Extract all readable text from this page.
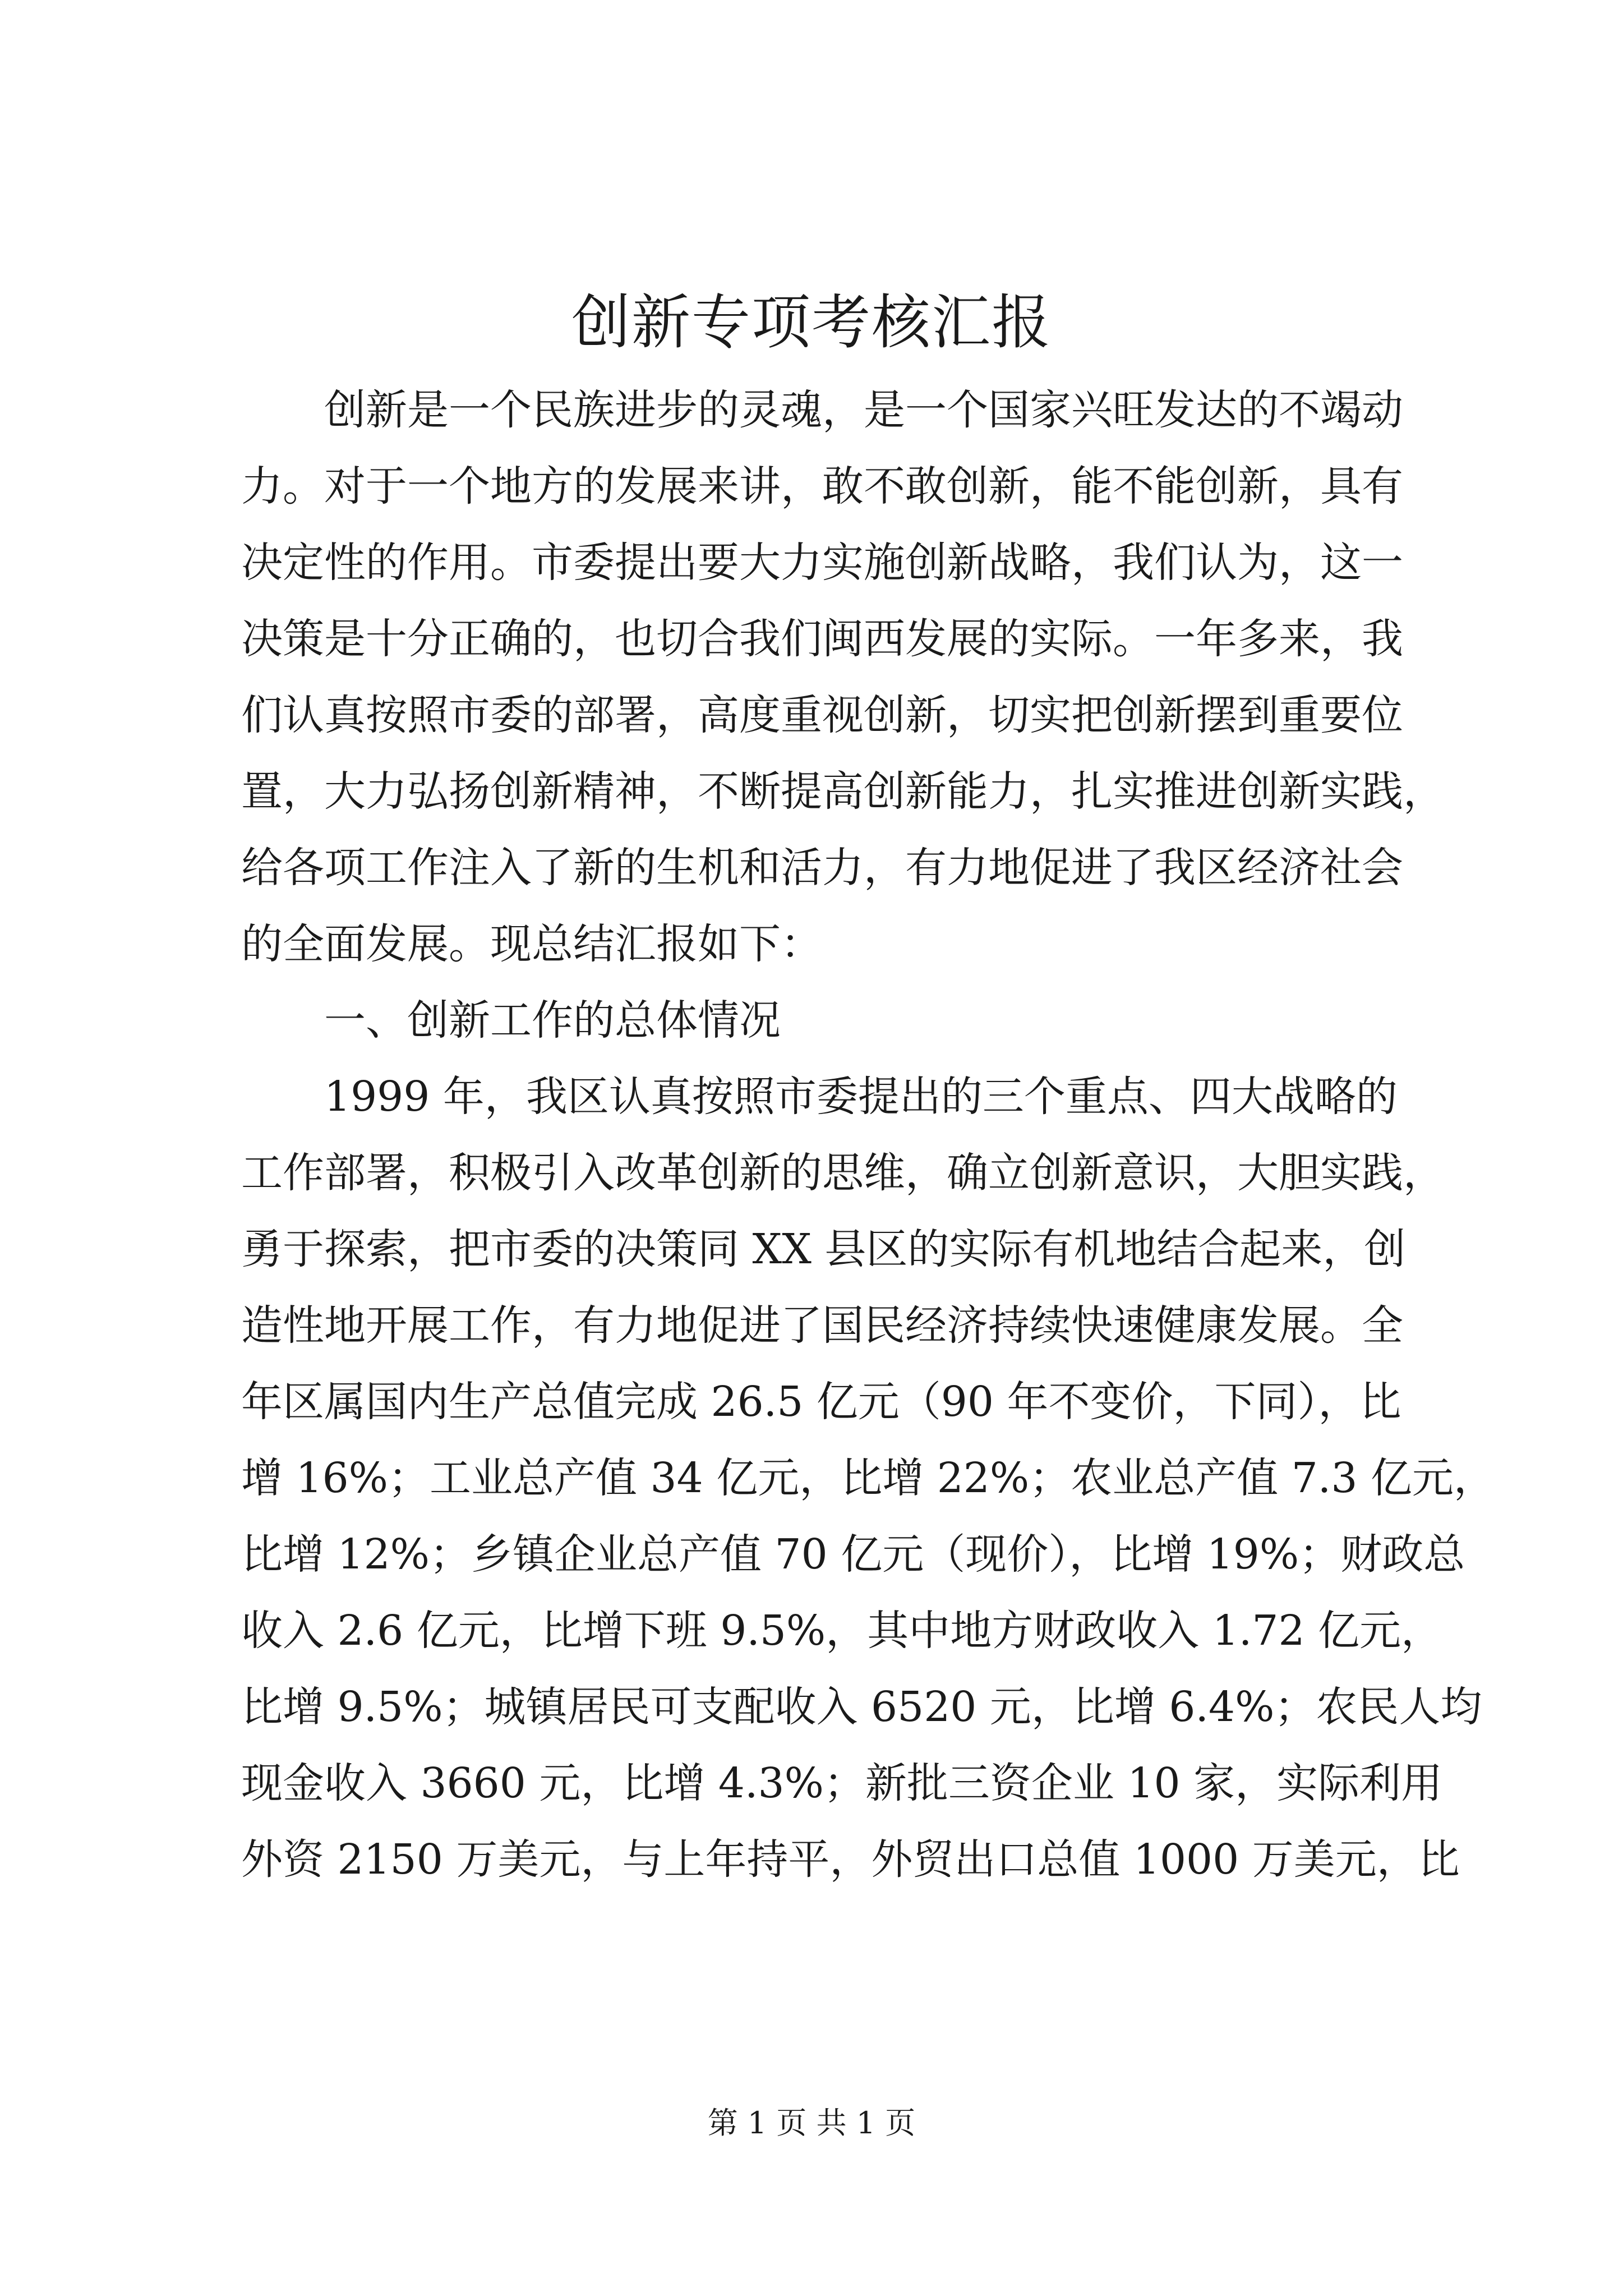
创新专项考核汇报
　　创新是一个民族进步的灵魂，是一个国家兴旺发达的不竭动
力。对于一个地方的发展来讲，敢不敢创新，能不能创新，具有
决定性的作用。市委提出要大力实施创新战略，我们认为，这一
决策是十分正确的，也切合我们闽西发展的实际。一年多来，我
们认真按照市委的部署，高度重视创新，切实把创新摆到重要位
置，大力弘扬创新精神，不断提高创新能力，扎实推进创新实践，
给各项工作注入了新的生机和活力，有力地促进了我区经济社会
的全面发展。现总结汇报如下：
　　一、创新工作的总体情况
　　1999 年，我区认真按照市委提出的三个重点、四大战略的
工作部署，积极引入改革创新的思维，确立创新意识，大胆实践，
勇于探索，把市委的决策同 XX 县区的实际有机地结合起来，创
造性地开展工作，有力地促进了国民经济持续快速健康发展。全
年区属国内生产总值完成 26.5 亿元（90 年不变价，下同），比
增 16%；工业总产值 34 亿元，比增 22%；农业总产值 7.3 亿元，
比增 12%；乡镇企业总产值 70 亿元（现价），比增 19%；财政总
收入 2.6 亿元，比增下班 9.5%，其中地方财政收入 1.72 亿元，
比增 9.5%；城镇居民可支配收入 6520 元，比增 6.4%；农民人均
现金收入 3660 元，比增 4.3%；新批三资企业 10 家，实际利用
外资 2150 万美元，与上年持平，外贸出口总值 1000 万美元，比
第 1 页 共 1 页
